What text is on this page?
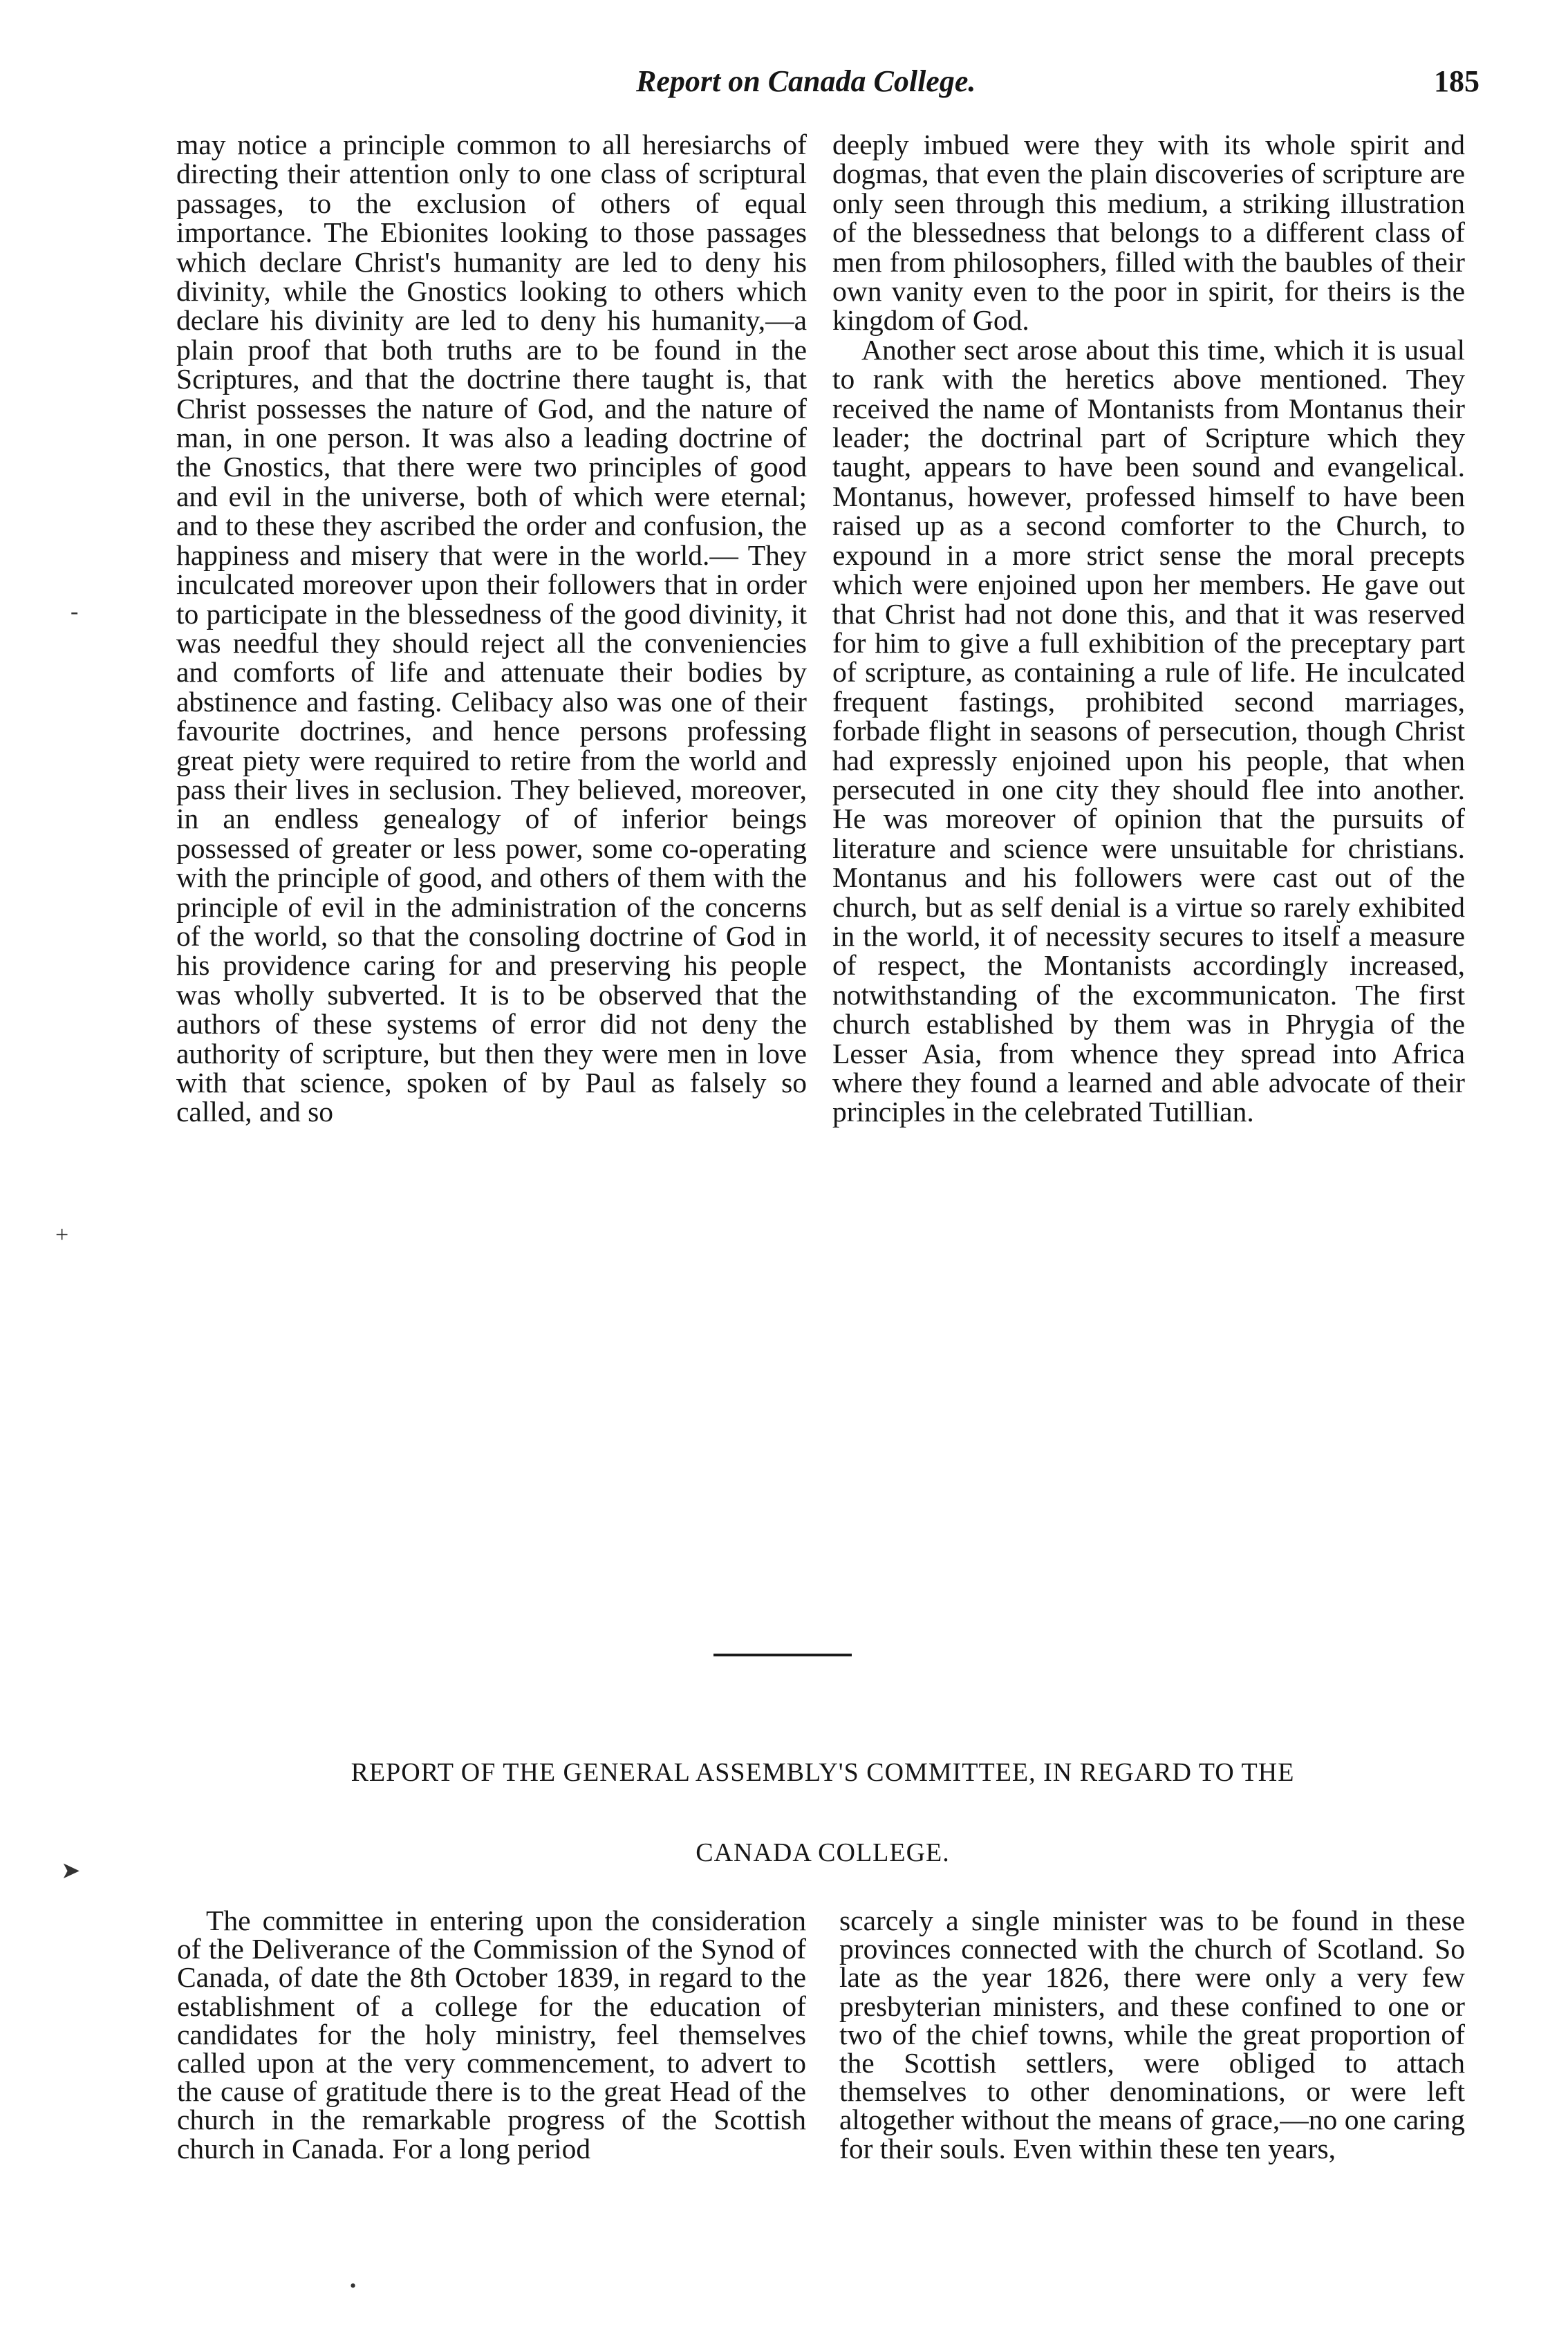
Report on Canada College.	185

may notice a principle common to all heresiarchs of directing their attention only to one class of scriptural passages, to the exclusion of others of equal importance. The Ebionites looking to those passages which declare Christ's humanity are led to deny his divinity, while the Gnostics looking to others which declare his divinity are led to deny his humanity,—a plain proof that both truths are to be found in the Scriptures, and that the doctrine there taught is, that Christ possesses the nature of God, and the nature of man, in one person. It was also a leading doctrine of the Gnostics, that there were two principles of good and evil in the universe, both of which were eternal; and to these they ascribed the order and confusion, the happiness and misery that were in the world.— They inculcated moreover upon their followers that in order to participate in the blessedness of the good divinity, it was needful they should reject all the conveniencies and comforts of life and attenuate their bodies by abstinence and fasting. Celibacy also was one of their favourite doctrines, and hence persons professing great piety were required to retire from the world and pass their lives in seclusion. They believed, moreover, in an endless genealogy of of inferior beings possessed of greater or less power, some co-operating with the principle of good, and others of them with the principle of evil in the administration of the concerns of the world, so that the consoling doctrine of God in his providence caring for and preserving his people was wholly subverted. It is to be observed that the authors of these systems of error did not deny the authority of scripture, but then they were men in love with that science, spoken of by Paul as falsely so called, and so

deeply imbued were they with its whole spirit and dogmas, that even the plain discoveries of scripture are only seen through this medium, a striking illustration of the blessedness that belongs to a different class of men from philosophers, filled with the baubles of their own vanity even to the poor in spirit, for theirs is the kingdom of God.

Another sect arose about this time, which it is usual to rank with the heretics above mentioned. They received the name of Montanists from Montanus their leader; the doctrinal part of Scripture which they taught, appears to have been sound and evangelical. Montanus, however, professed himself to have been raised up as a second comforter to the Church, to expound in a more strict sense the moral precepts which were enjoined upon her members. He gave out that Christ had not done this, and that it was reserved for him to give a full exhibition of the preceptary part of scripture, as containing a rule of life. He inculcated frequent fastings, prohibited second marriages, forbade flight in seasons of persecution, though Christ had expressly enjoined upon his people, that when persecuted in one city they should flee into another. He was moreover of opinion that the pursuits of literature and science were unsuitable for christians. Montanus and his followers were cast out of the church, but as self denial is a virtue so rarely exhibited in the world, it of necessity secures to itself a measure of respect, the Montanists accordingly increased, notwithstanding of the excommunicaton. The first church established by them was in Phrygia of the Lesser Asia, from whence they spread into Africa where they found a learned and able advocate of their principles in the celebrated Tutillian.

REPORT OF THE GENERAL ASSEMBLY'S COMMITTEE, IN REGARD TO THE
CANADA COLLEGE.

The committee in entering upon the consideration of the Deliverance of the Commission of the Synod of Canada, of date the 8th October 1839, in regard to the establishment of a college for the education of candidates for the holy ministry, feel themselves called upon at the very commencement, to advert to the cause of gratitude there is to the great Head of the church in the remarkable progress of the Scottish church in Canada. For a long period

scarcely a single minister was to be found in these provinces connected with the church of Scotland. So late as the year 1826, there were only a very few presbyterian ministers, and these confined to one or two of the chief towns, while the great proportion of the Scottish settlers, were obliged to attach themselves to other denominations, or were left altogether without the means of grace,—no one caring for their souls. Even within these ten years,

-
+
➤
•
